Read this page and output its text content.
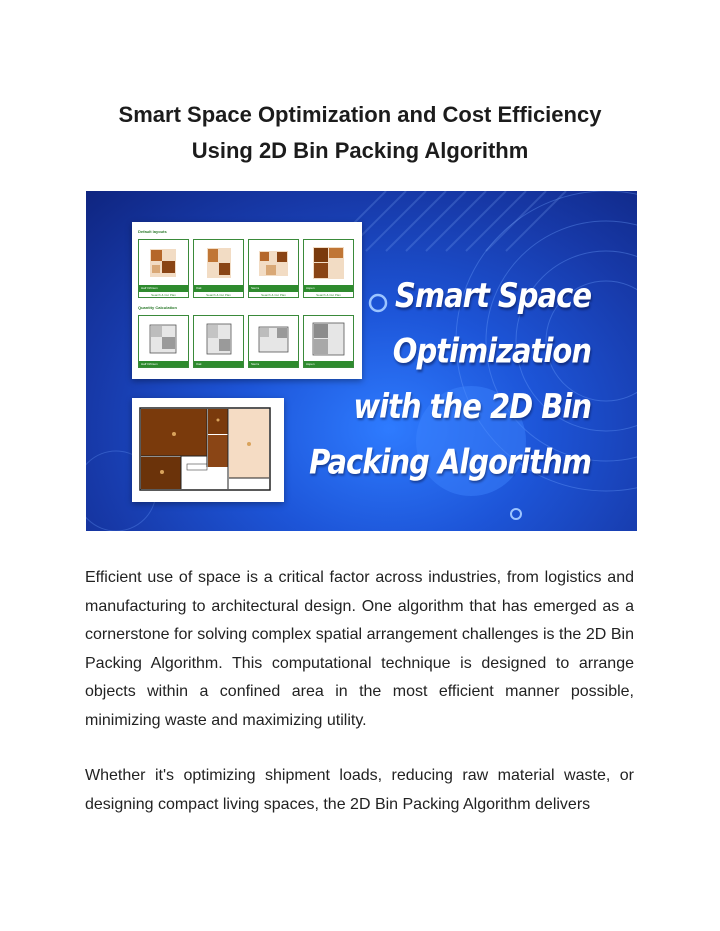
Smart Space Optimization and Cost Efficiency
Using 2D Bin Packing Algorithm
Default layouts
Half Orbison
Search & Cut Plan
Oak
Search & Cut Plan
Sierra
Search & Cut Plan
Aspen
Search & Cut Plan
Quantity Calculation
Half Orbison	Oak	Sierra	Aspen
Smart Space
Optimization
with the 2D Bin
Packing Algorithm

Efficient use of space is a critical factor across industries, from logistics and manufacturing to architectural design. One algorithm that has emerged as a cornerstone for solving complex spatial arrangement challenges is the 2D Bin Packing Algorithm. This computational technique is designed to arrange objects within a confined area in the most efficient manner possible, minimizing waste and maximizing utility.

Whether it's optimizing shipment loads, reducing raw material waste, or designing compact living spaces, the 2D Bin Packing Algorithm delivers
